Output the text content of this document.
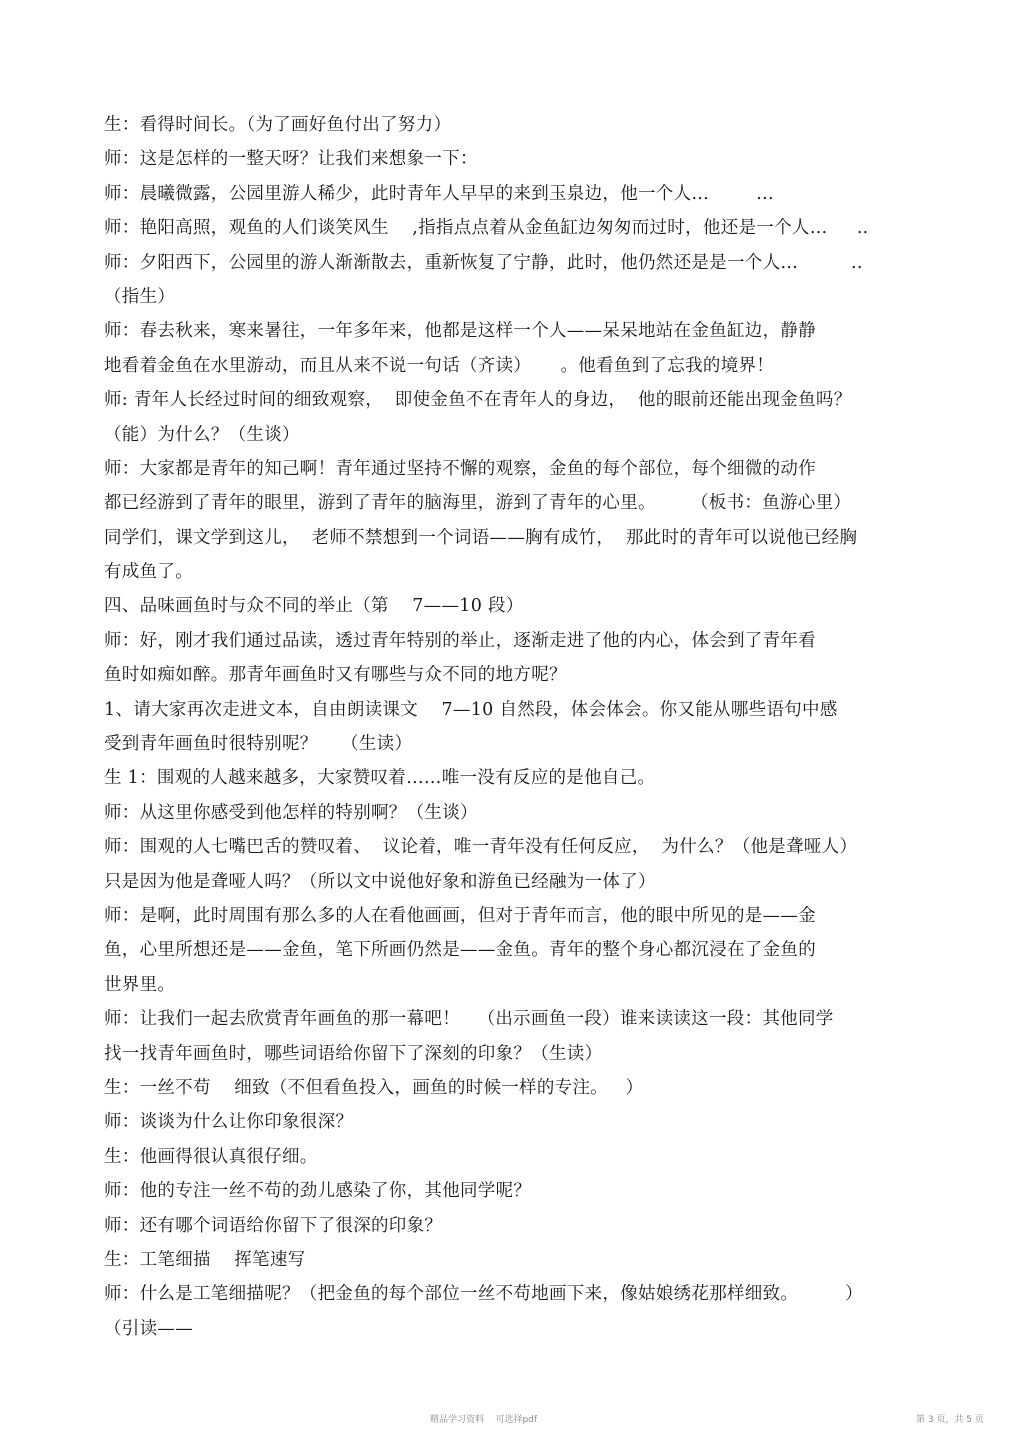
生：看得时间长。（为了画好鱼付出了努力）
师：这是怎样的一整天呀？让我们来想象一下：
师：晨曦微露，公园里游人稀少，此时青年人早早的来到玉泉边，他一个人…        …
师：艳阳高照，观鱼的人们谈笑风生    ,指指点点着从金鱼缸边匆匆而过时，他还是一个人…     ..
师：夕阳西下，公园里的游人渐渐散去，重新恢复了宁静，此时，他仍然还是是一个人…         ..
（指生）
师：春去秋来，寒来暑往，一年多年来，他都是这样一个人——呆呆地站在金鱼缸边，静静
地看着金鱼在水里游动，而且从来不说一句话（齐读）     。他看鱼到了忘我的境界！
师: 青年人长经过时间的细致观察，  即使金鱼不在青年人的身边，  他的眼前还能出现金鱼吗？
（能）为什么？（生谈）
师：大家都是青年的知己啊！青年通过坚持不懈的观察，金鱼的每个部位，每个细微的动作
都已经游到了青年的眼里，游到了青年的脑海里，游到了青年的心里。      （板书：鱼游心里）
同学们，课文学到这儿，  老师不禁想到一个词语——胸有成竹，  那此时的青年可以说他已经胸
有成鱼了。
四、品味画鱼时与众不同的举止（第    7——10 段）
师：好，刚才我们通过品读，透过青年特别的举止，逐渐走进了他的内心，体会到了青年看
鱼时如痴如醉。那青年画鱼时又有哪些与众不同的地方呢？
1、请大家再次走进文本，自由朗读课文    7—10 自然段，体会体会。你又能从哪些语句中感
受到青年画鱼时很特别呢？    （生读）
生 1：围观的人越来越多，大家赞叹着……唯一没有反应的是他自己。
师：从这里你感受到他怎样的特别啊？（生谈）
师：围观的人七嘴巴舌的赞叹着、  议论着，唯一青年没有任何反应，  为什么？（他是聋哑人）
只是因为他是聋哑人吗？（所以文中说他好象和游鱼已经融为一体了）
师：是啊，此时周围有那么多的人在看他画画，但对于青年而言，他的眼中所见的是——金
鱼，心里所想还是——金鱼，笔下所画仍然是——金鱼。青年的整个身心都沉浸在了金鱼的
世界里。
师：让我们一起去欣赏青年画鱼的那一幕吧！   （出示画鱼一段）谁来读读这一段：其他同学
找一找青年画鱼时，哪些词语给你留下了深刻的印象？（生读）
生：一丝不苟    细致（不但看鱼投入，画鱼的时候一样的专注。   ）
师：谈谈为什么让你印象很深？
生：他画得很认真很仔细。
师：他的专注一丝不苟的劲儿感染了你，其他同学呢？
师：还有哪个词语给你留下了很深的印象？
生：工笔细描    挥笔速写
师：什么是工笔细描呢？（把金鱼的每个部位一丝不苟地画下来，像姑娘绣花那样细致。        ）
（引读——
精品学习资料    可选择pdf	第 3 页，共 5 页
